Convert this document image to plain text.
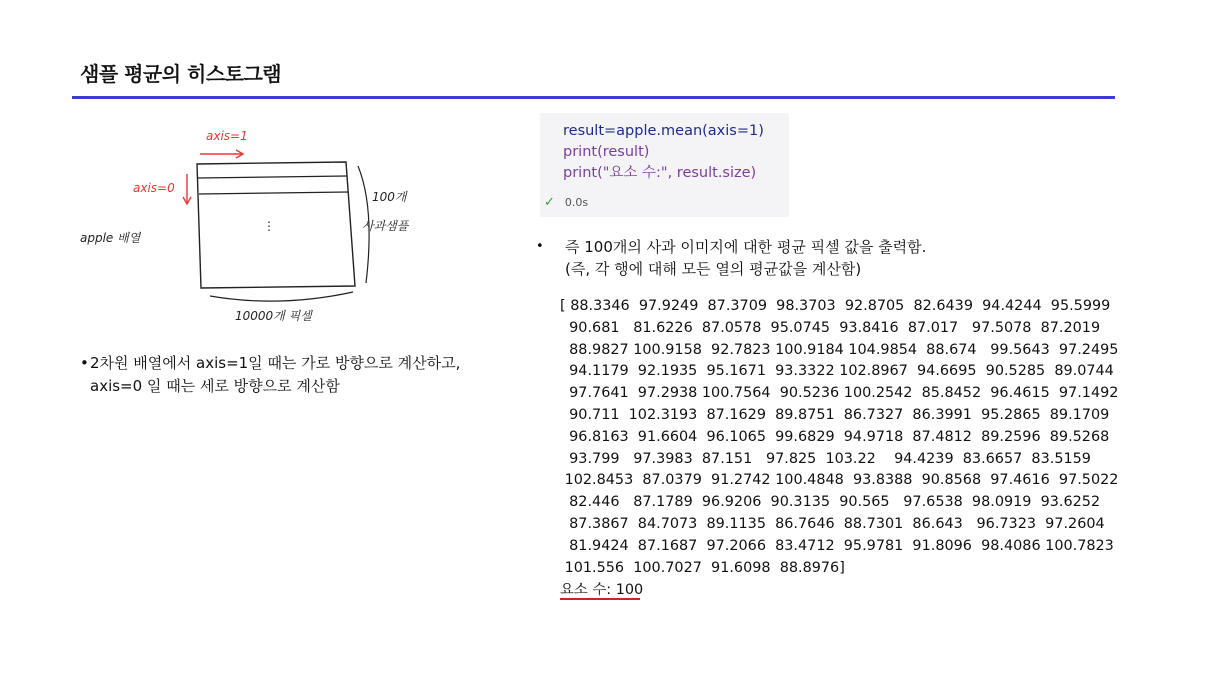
샘플 평균의 히스토그램
axis=1
axis=0
⋮
100개
사과샘플
10000개 픽셀
apple 배열
• 2차원 배열에서 axis=1일 때는 가로 방향으로 계산하고,
axis=0 일 때는 세로 방향으로 계산함
result=apple.mean(axis=1)
print(result)
print("요소 수:", result.size)
✓ 0.0s
•	즉 100개의 사과 이미지에 대한 평균 픽셀 값을 출력함.
(즉, 각 행에 대해 모든 열의 평균값을 계산함)
[ 88.3346  97.9249  87.3709  98.3703  92.8705  82.6439  94.4244  95.5999
90.681   81.6226  87.0578  95.0745  93.8416  87.017   97.5078  87.2019
88.9827 100.9158  92.7823 100.9184 104.9854  88.674   99.5643  97.2495
94.1179  92.1935  95.1671  93.3322 102.8967  94.6695  90.5285  89.0744
97.7641  97.2938 100.7564  90.5236 100.2542  85.8452  96.4615  97.1492
90.711  102.3193  87.1629  89.8751  86.7327  86.3991  95.2865  89.1709
96.8163  91.6604  96.1065  99.6829  94.9718  87.4812  89.2596  89.5268
93.799   97.3983  87.151   97.825  103.22    94.4239  83.6657  83.5159
102.8453  87.0379  91.2742 100.4848  93.8388  90.8568  97.4616  97.5022
82.446   87.1789  96.9206  90.3135  90.565   97.6538  98.0919  93.6252
87.3867  84.7073  89.1135  86.7646  88.7301  86.643   96.7323  97.2604
81.9424  87.1687  97.2066  83.4712  95.9781  91.8096  98.4086 100.7823
101.556  100.7027  91.6098  88.8976]
요소 수: 100
